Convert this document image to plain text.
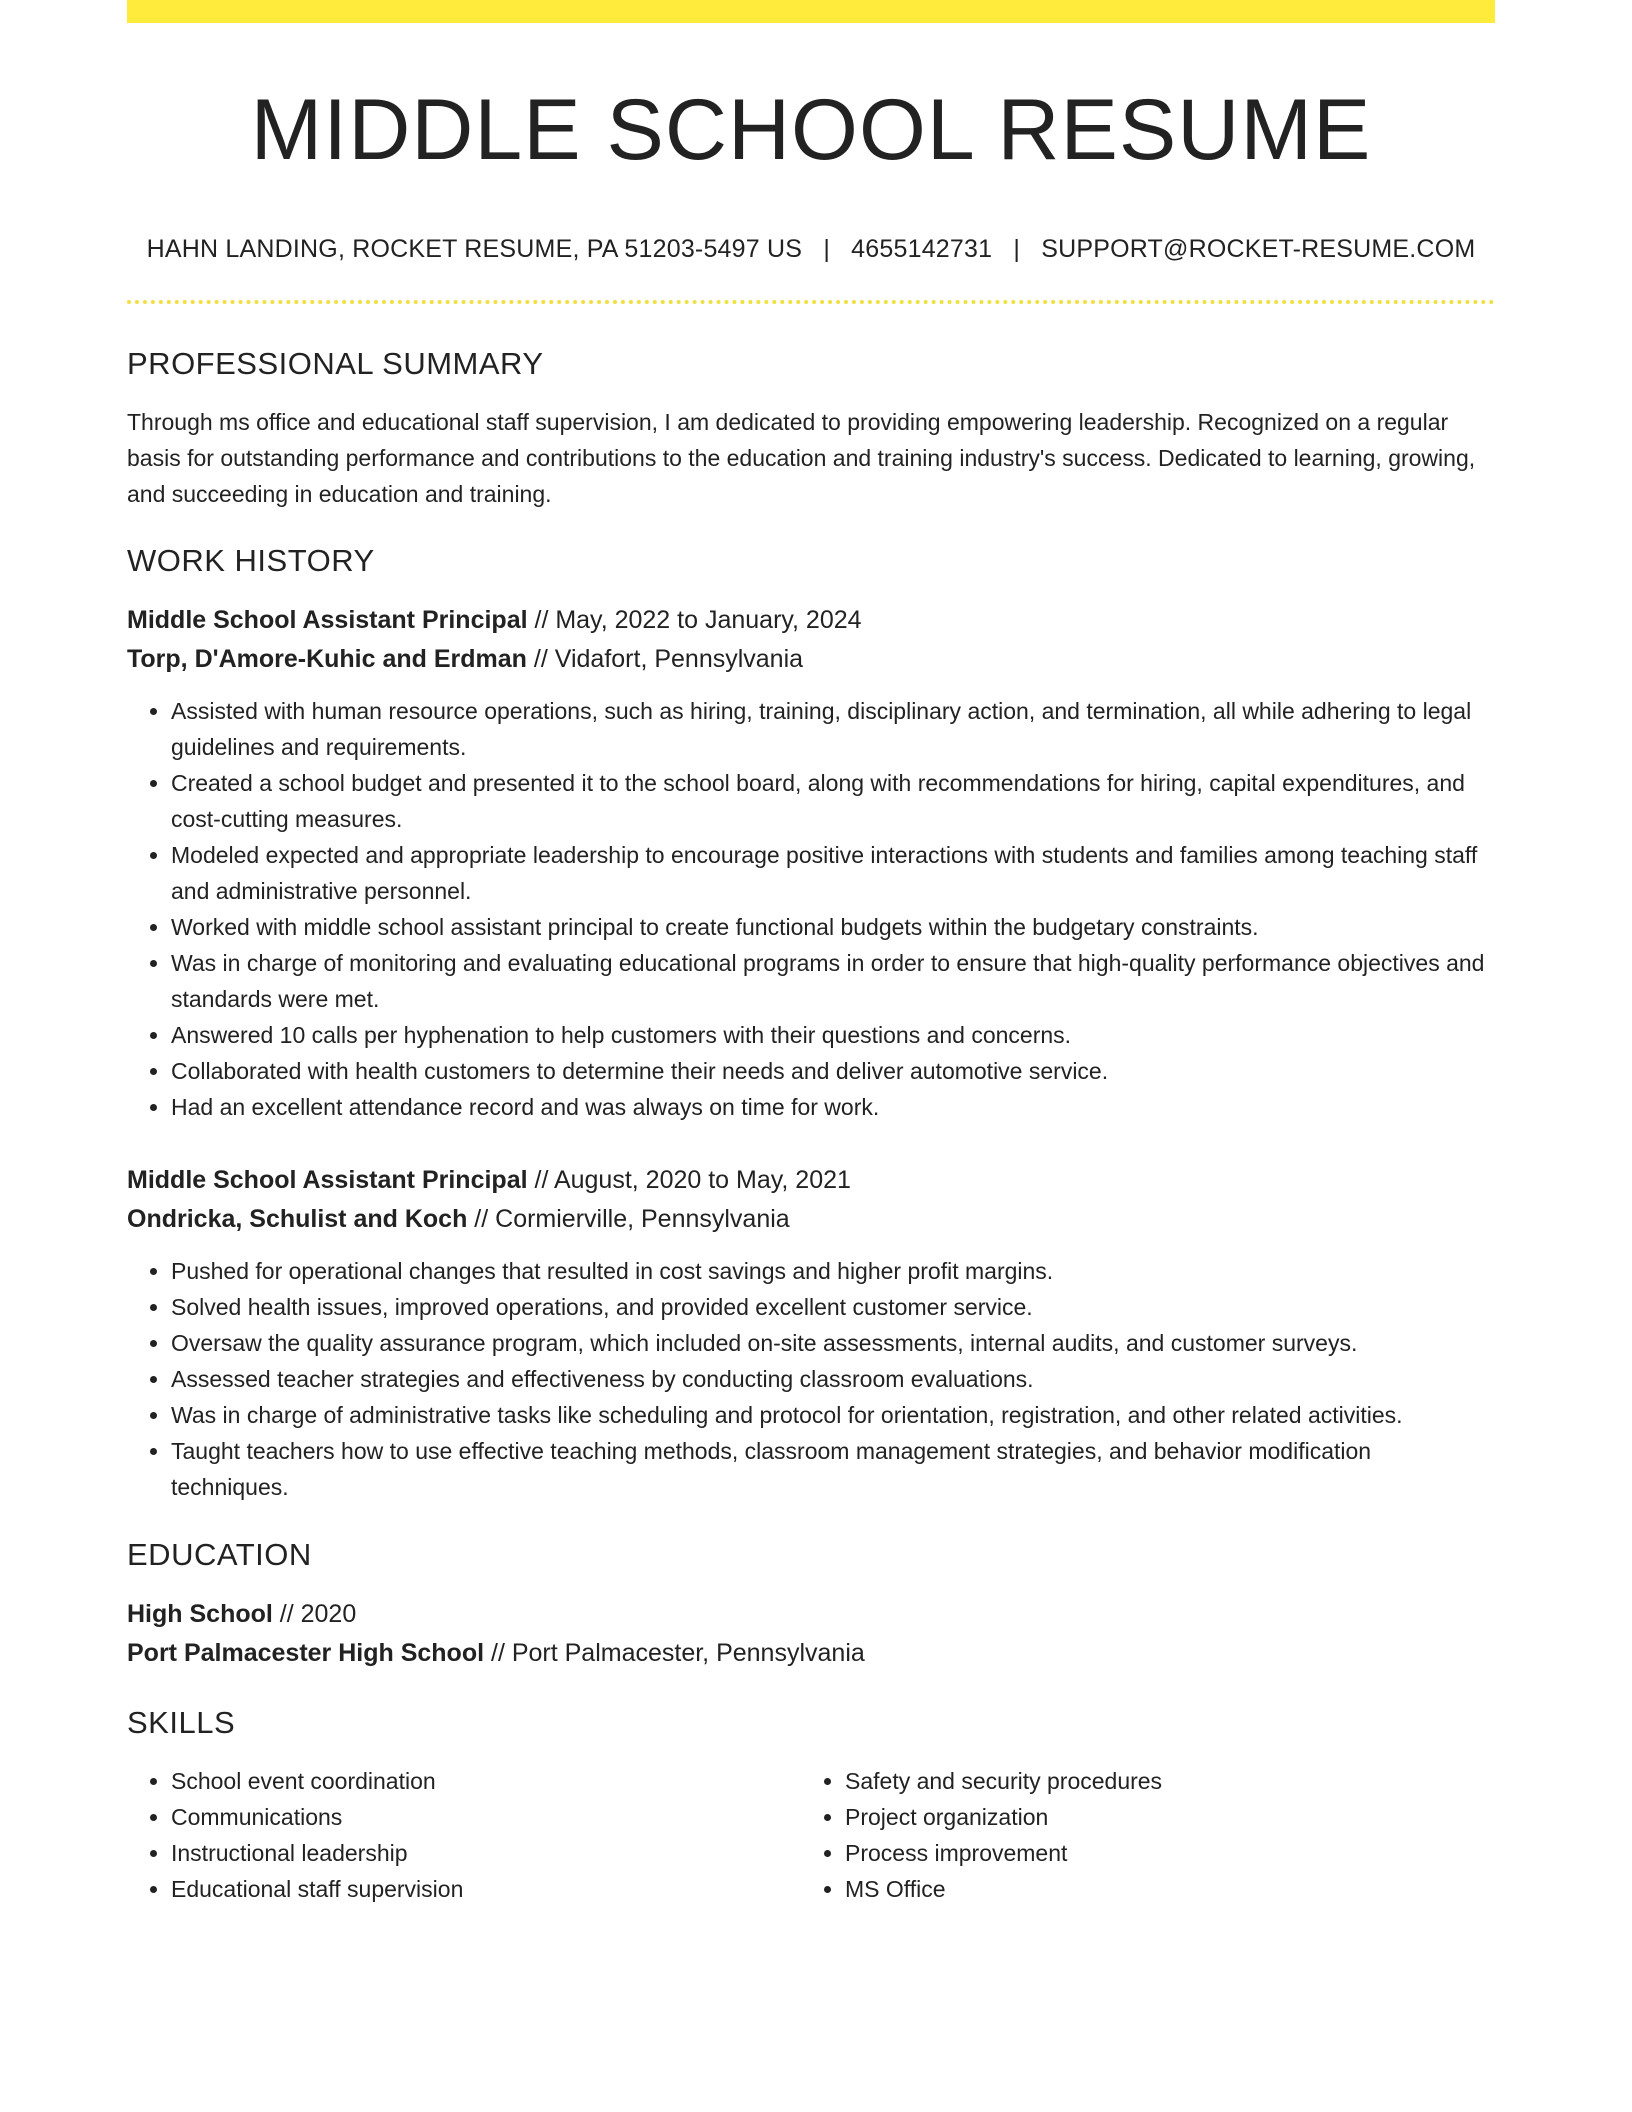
MIDDLE SCHOOL RESUME
HAHN LANDING, ROCKET RESUME, PA 51203-5497 US | 4655142731 | SUPPORT@ROCKET-RESUME.COM
PROFESSIONAL SUMMARY

Through ms office and educational staff supervision, I am dedicated to providing empowering leadership. Recognized on a regular basis for outstanding performance and contributions to the education and training industry's success. Dedicated to learning, growing, and succeeding in education and training.

WORK HISTORY
Middle School Assistant Principal // May, 2022 to January, 2024
Torp, D'Amore-Kuhic and Erdman // Vidafort, Pennsylvania
• Assisted with human resource operations, such as hiring, training, disciplinary action, and termination, all while adhering to legal guidelines and requirements.
• Created a school budget and presented it to the school board, along with recommendations for hiring, capital expenditures, and cost-cutting measures.
• Modeled expected and appropriate leadership to encourage positive interactions with students and families among teaching staff and administrative personnel.
• Worked with middle school assistant principal to create functional budgets within the budgetary constraints.
• Was in charge of monitoring and evaluating educational programs in order to ensure that high-quality performance objectives and standards were met.
• Answered 10 calls per hyphenation to help customers with their questions and concerns.
• Collaborated with health customers to determine their needs and deliver automotive service.
• Had an excellent attendance record and was always on time for work.
Middle School Assistant Principal // August, 2020 to May, 2021
Ondricka, Schulist and Koch // Cormierville, Pennsylvania
• Pushed for operational changes that resulted in cost savings and higher profit margins.
• Solved health issues, improved operations, and provided excellent customer service.
• Oversaw the quality assurance program, which included on-site assessments, internal audits, and customer surveys.
• Assessed teacher strategies and effectiveness by conducting classroom evaluations.
• Was in charge of administrative tasks like scheduling and protocol for orientation, registration, and other related activities.
• Taught teachers how to use effective teaching methods, classroom management strategies, and behavior modification techniques.
EDUCATION
High School // 2020
Port Palmacester High School // Port Palmacester, Pennsylvania
SKILLS
• School event coordination
• Communications
• Instructional leadership
• Educational staff supervision
• Safety and security procedures
• Project organization
• Process improvement
• MS Office
